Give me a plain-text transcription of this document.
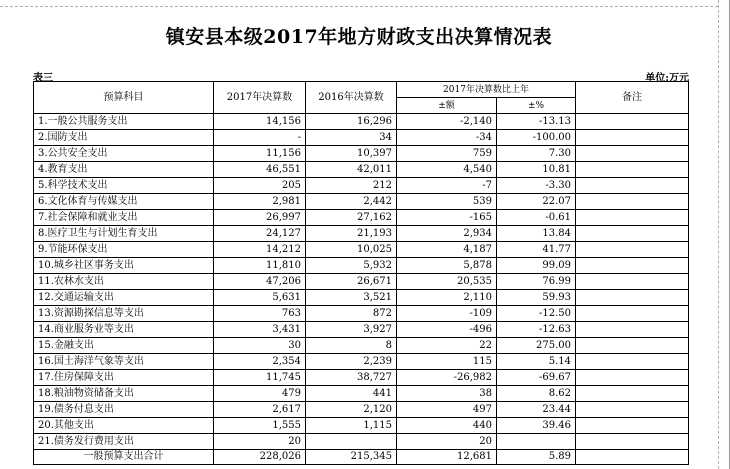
镇安县本级2017年地方财政支出决算情况表
表三	单位:万元
预算科目	2017年决算数	2016年决算数	2017年决算数比上年		备注
			±额	±%	
1.一般公共服务支出	14,156	16,296	-2,140	-13.13	
2.国防支出	-	34	-34	-100.00	
3.公共安全支出	11,156	10,397	759	7.30	
4.教育支出	46,551	42,011	4,540	10.81	
5.科学技术支出	205	212	-7	-3.30	
6.文化体育与传媒支出	2,981	2,442	539	22.07	
7.社会保障和就业支出	26,997	27,162	-165	-0.61	
8.医疗卫生与计划生育支出	24,127	21,193	2,934	13.84	
9.节能环保支出	14,212	10,025	4,187	41.77	
10.城乡社区事务支出	11,810	5,932	5,878	99.09	
11.农林水支出	47,206	26,671	20,535	76.99	
12.交通运输支出	5,631	3,521	2,110	59.93	
13.资源勘探信息等支出	763	872	-109	-12.50	
14.商业服务业等支出	3,431	3,927	-496	-12.63	
15.金融支出	30	8	22	275.00	
16.国土海洋气象等支出	2,354	2,239	115	5.14	
17.住房保障支出	11,745	38,727	-26,982	-69.67	
18.粮油物资储备支出	479	441	38	8.62	
19.债务付息支出	2,617	2,120	497	23.44	
20.其他支出	1,555	1,115	440	39.46	
21.债务发行费用支出	20		20		
一般预算支出合计	228,026	215,345	12,681	5.89	
